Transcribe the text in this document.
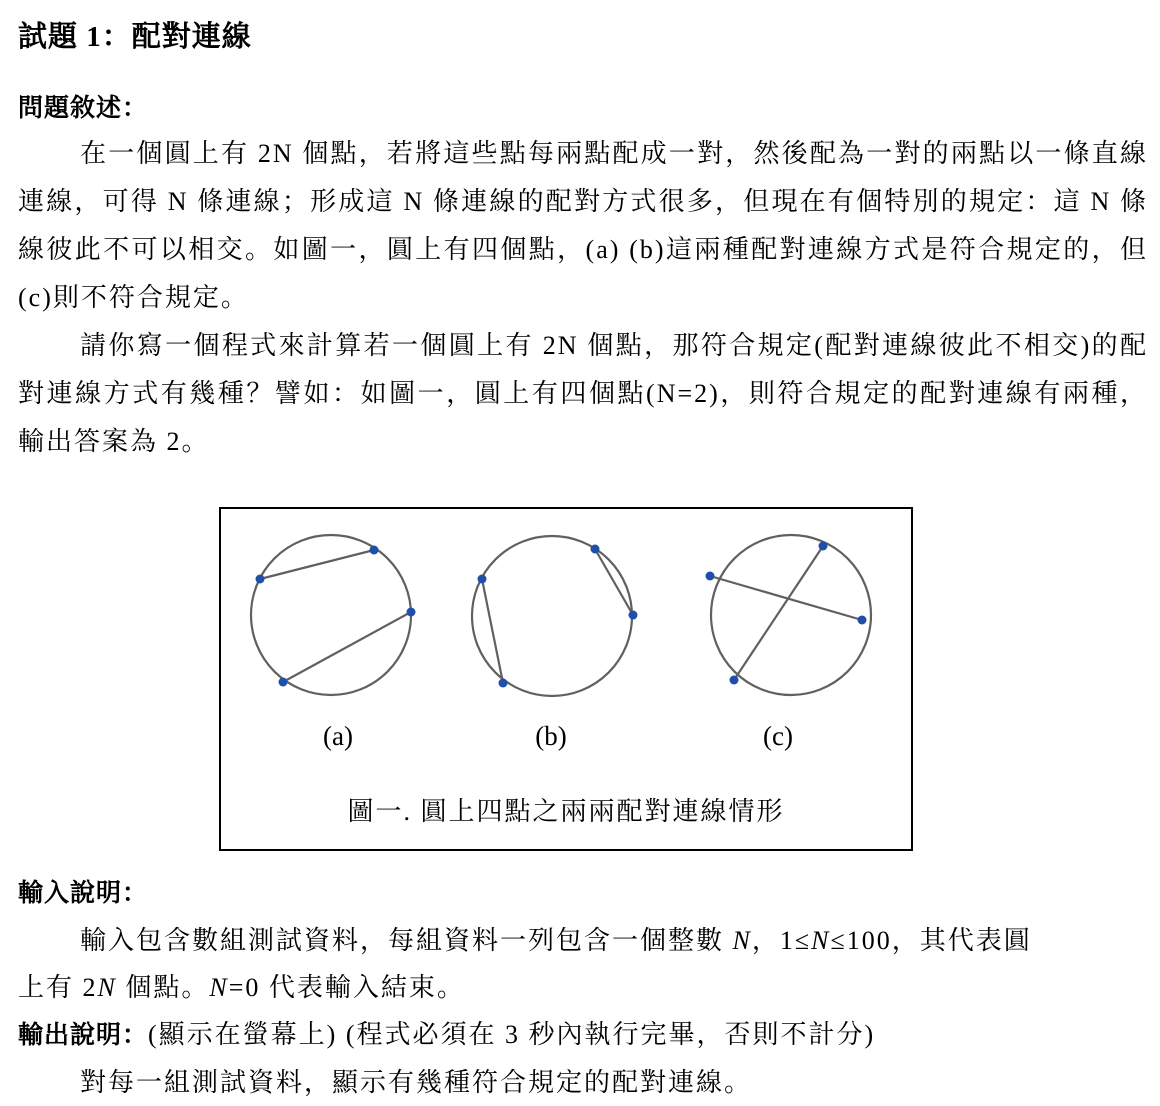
試題 1：配對連線
問題敘述：
在一個圓上有 2N 個點，若將這些點每兩點配成一對，然後配為一對的兩點以一條直線連線，可得 N 條連線；形成這 N 條連線的配對方式很多，但現在有個特別的規定：這 N 條線彼此不可以相交。如圖一，圓上有四個點，(a) (b)這兩種配對連線方式是符合規定的，但(c)則不符合規定。
請你寫一個程式來計算若一個圓上有 2N 個點，那符合規定(配對連線彼此不相交)的配對連線方式有幾種？譬如：如圖一，圓上有四個點(N=2)，則符合規定的配對連線有兩種，輸出答案為 2。
(a)	(b)	(c)
圖一. 圓上四點之兩兩配對連線情形
輸入說明：
輸入包含數組測試資料，每組資料一列包含一個整數 N，1≤N≤100，其代表圓
上有 2N 個點。N=0 代表輸入結束。
輸出說明：(顯示在螢幕上) (程式必須在 3 秒內執行完畢，否則不計分)
對每一組測試資料，顯示有幾種符合規定的配對連線。
